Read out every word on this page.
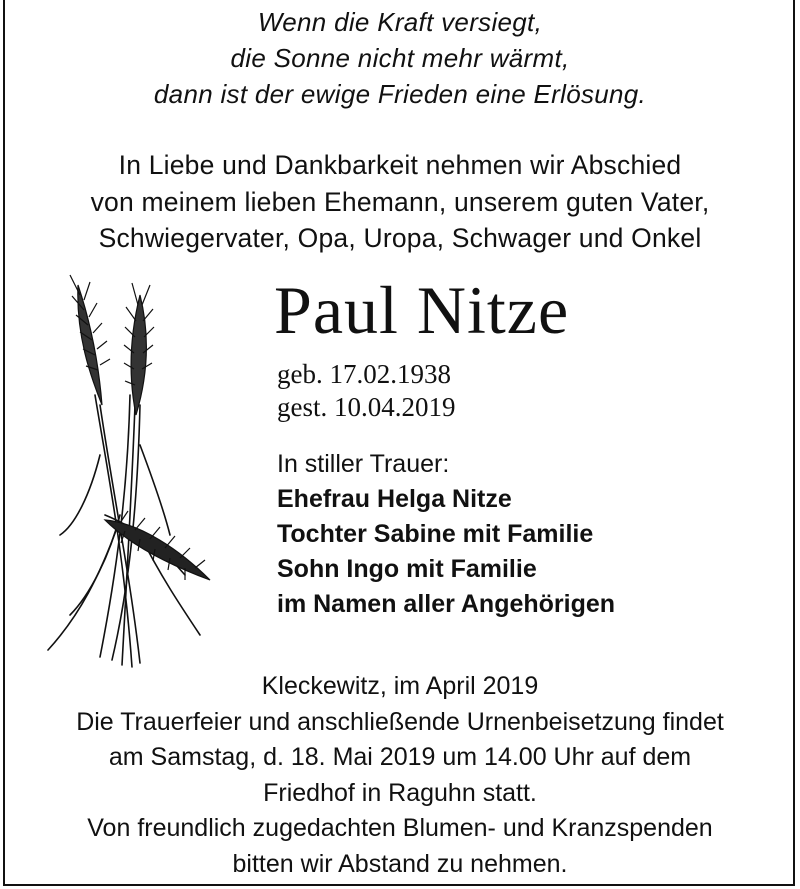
Wenn die Kraft versiegt,
die Sonne nicht mehr wärmt,
dann ist der ewige Frieden eine Erlösung.
In Liebe und Dankbarkeit nehmen wir Abschied
von meinem lieben Ehemann, unserem guten Vater,
Schwiegervater, Opa, Uropa, Schwager und Onkel
Paul Nitze
geb. 17.02.1938
gest. 10.04.2019
In stiller Trauer:
Ehefrau Helga Nitze
Tochter Sabine mit Familie
Sohn Ingo mit Familie
im Namen aller Angehörigen
Kleckewitz, im April 2019
Die Trauerfeier und anschließende Urnenbeisetzung findet
am Samstag, d. 18. Mai 2019 um 14.00 Uhr auf dem
Friedhof in Raguhn statt.
Von freundlich zugedachten Blumen- und Kranzspenden
bitten wir Abstand zu nehmen.
